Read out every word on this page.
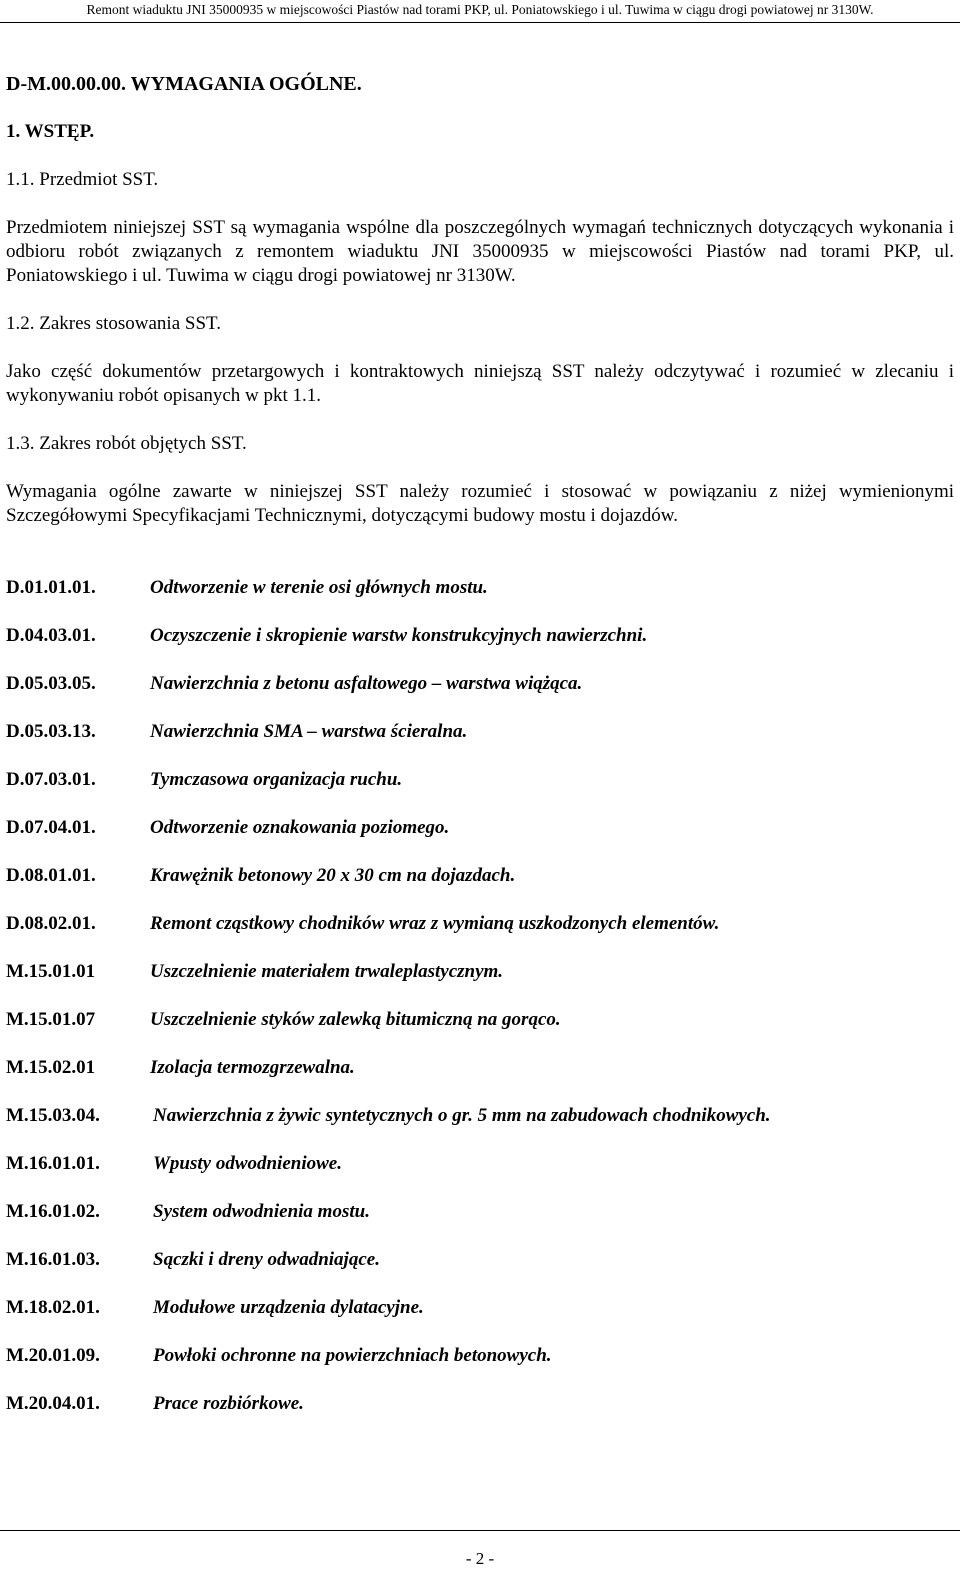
Remont wiaduktu JNI 35000935 w miejscowości Piastów nad torami PKP, ul. Poniatowskiego i ul. Tuwima w ciągu drogi powiatowej nr 3130W.
D-M.00.00.00. WYMAGANIA OGÓLNE.
1. WSTĘP.
1.1. Przedmiot SST.
Przedmiotem niniejszej SST są wymagania wspólne dla poszczególnych wymagań technicznych dotyczących wykonania i odbioru robót związanych z remontem wiaduktu JNI 35000935 w miejscowości Piastów nad torami PKP, ul. Poniatowskiego i ul. Tuwima w ciągu drogi powiatowej nr 3130W.
1.2. Zakres stosowania SST.
Jako część dokumentów przetargowych i kontraktowych niniejszą SST należy odczytywać i rozumieć w zlecaniu i wykonywaniu robót opisanych w pkt 1.1.
1.3. Zakres robót objętych SST.
Wymagania ogólne zawarte w niniejszej SST należy rozumieć i stosować w powiązaniu z niżej wymienionymi Szczegółowymi Specyfikacjami Technicznymi, dotyczącymi budowy mostu i dojazdów.
D.01.01.01.	Odtworzenie w terenie osi głównych mostu.
D.04.03.01.	Oczyszczenie i skropienie warstw konstrukcyjnych nawierzchni.
D.05.03.05.	Nawierzchnia z betonu asfaltowego – warstwa wiążąca.
D.05.03.13.	Nawierzchnia SMA – warstwa ścieralna.
D.07.03.01.	Tymczasowa organizacja ruchu.
D.07.04.01.	Odtworzenie oznakowania poziomego.
D.08.01.01.	Krawężnik betonowy 20 x 30 cm na dojazdach.
D.08.02.01.	Remont cząstkowy chodników wraz z wymianą uszkodzonych elementów.
M.15.01.01	Uszczelnienie materiałem trwaleplastycznym.
M.15.01.07	Uszczelnienie styków zalewką bitumiczną na gorąco.
M.15.02.01	Izolacja termozgrzewalna.
M.15.03.04.	Nawierzchnia z żywic syntetycznych o gr. 5 mm na zabudowach chodnikowych.
M.16.01.01.	Wpusty odwodnieniowe.
M.16.01.02.	System odwodnienia mostu.
M.16.01.03.	Sączki i dreny odwadniające.
M.18.02.01.	Modułowe urządzenia dylatacyjne.
M.20.01.09.	Powłoki ochronne na powierzchniach betonowych.
M.20.04.01.	Prace rozbiórkowe.
- 2 -
